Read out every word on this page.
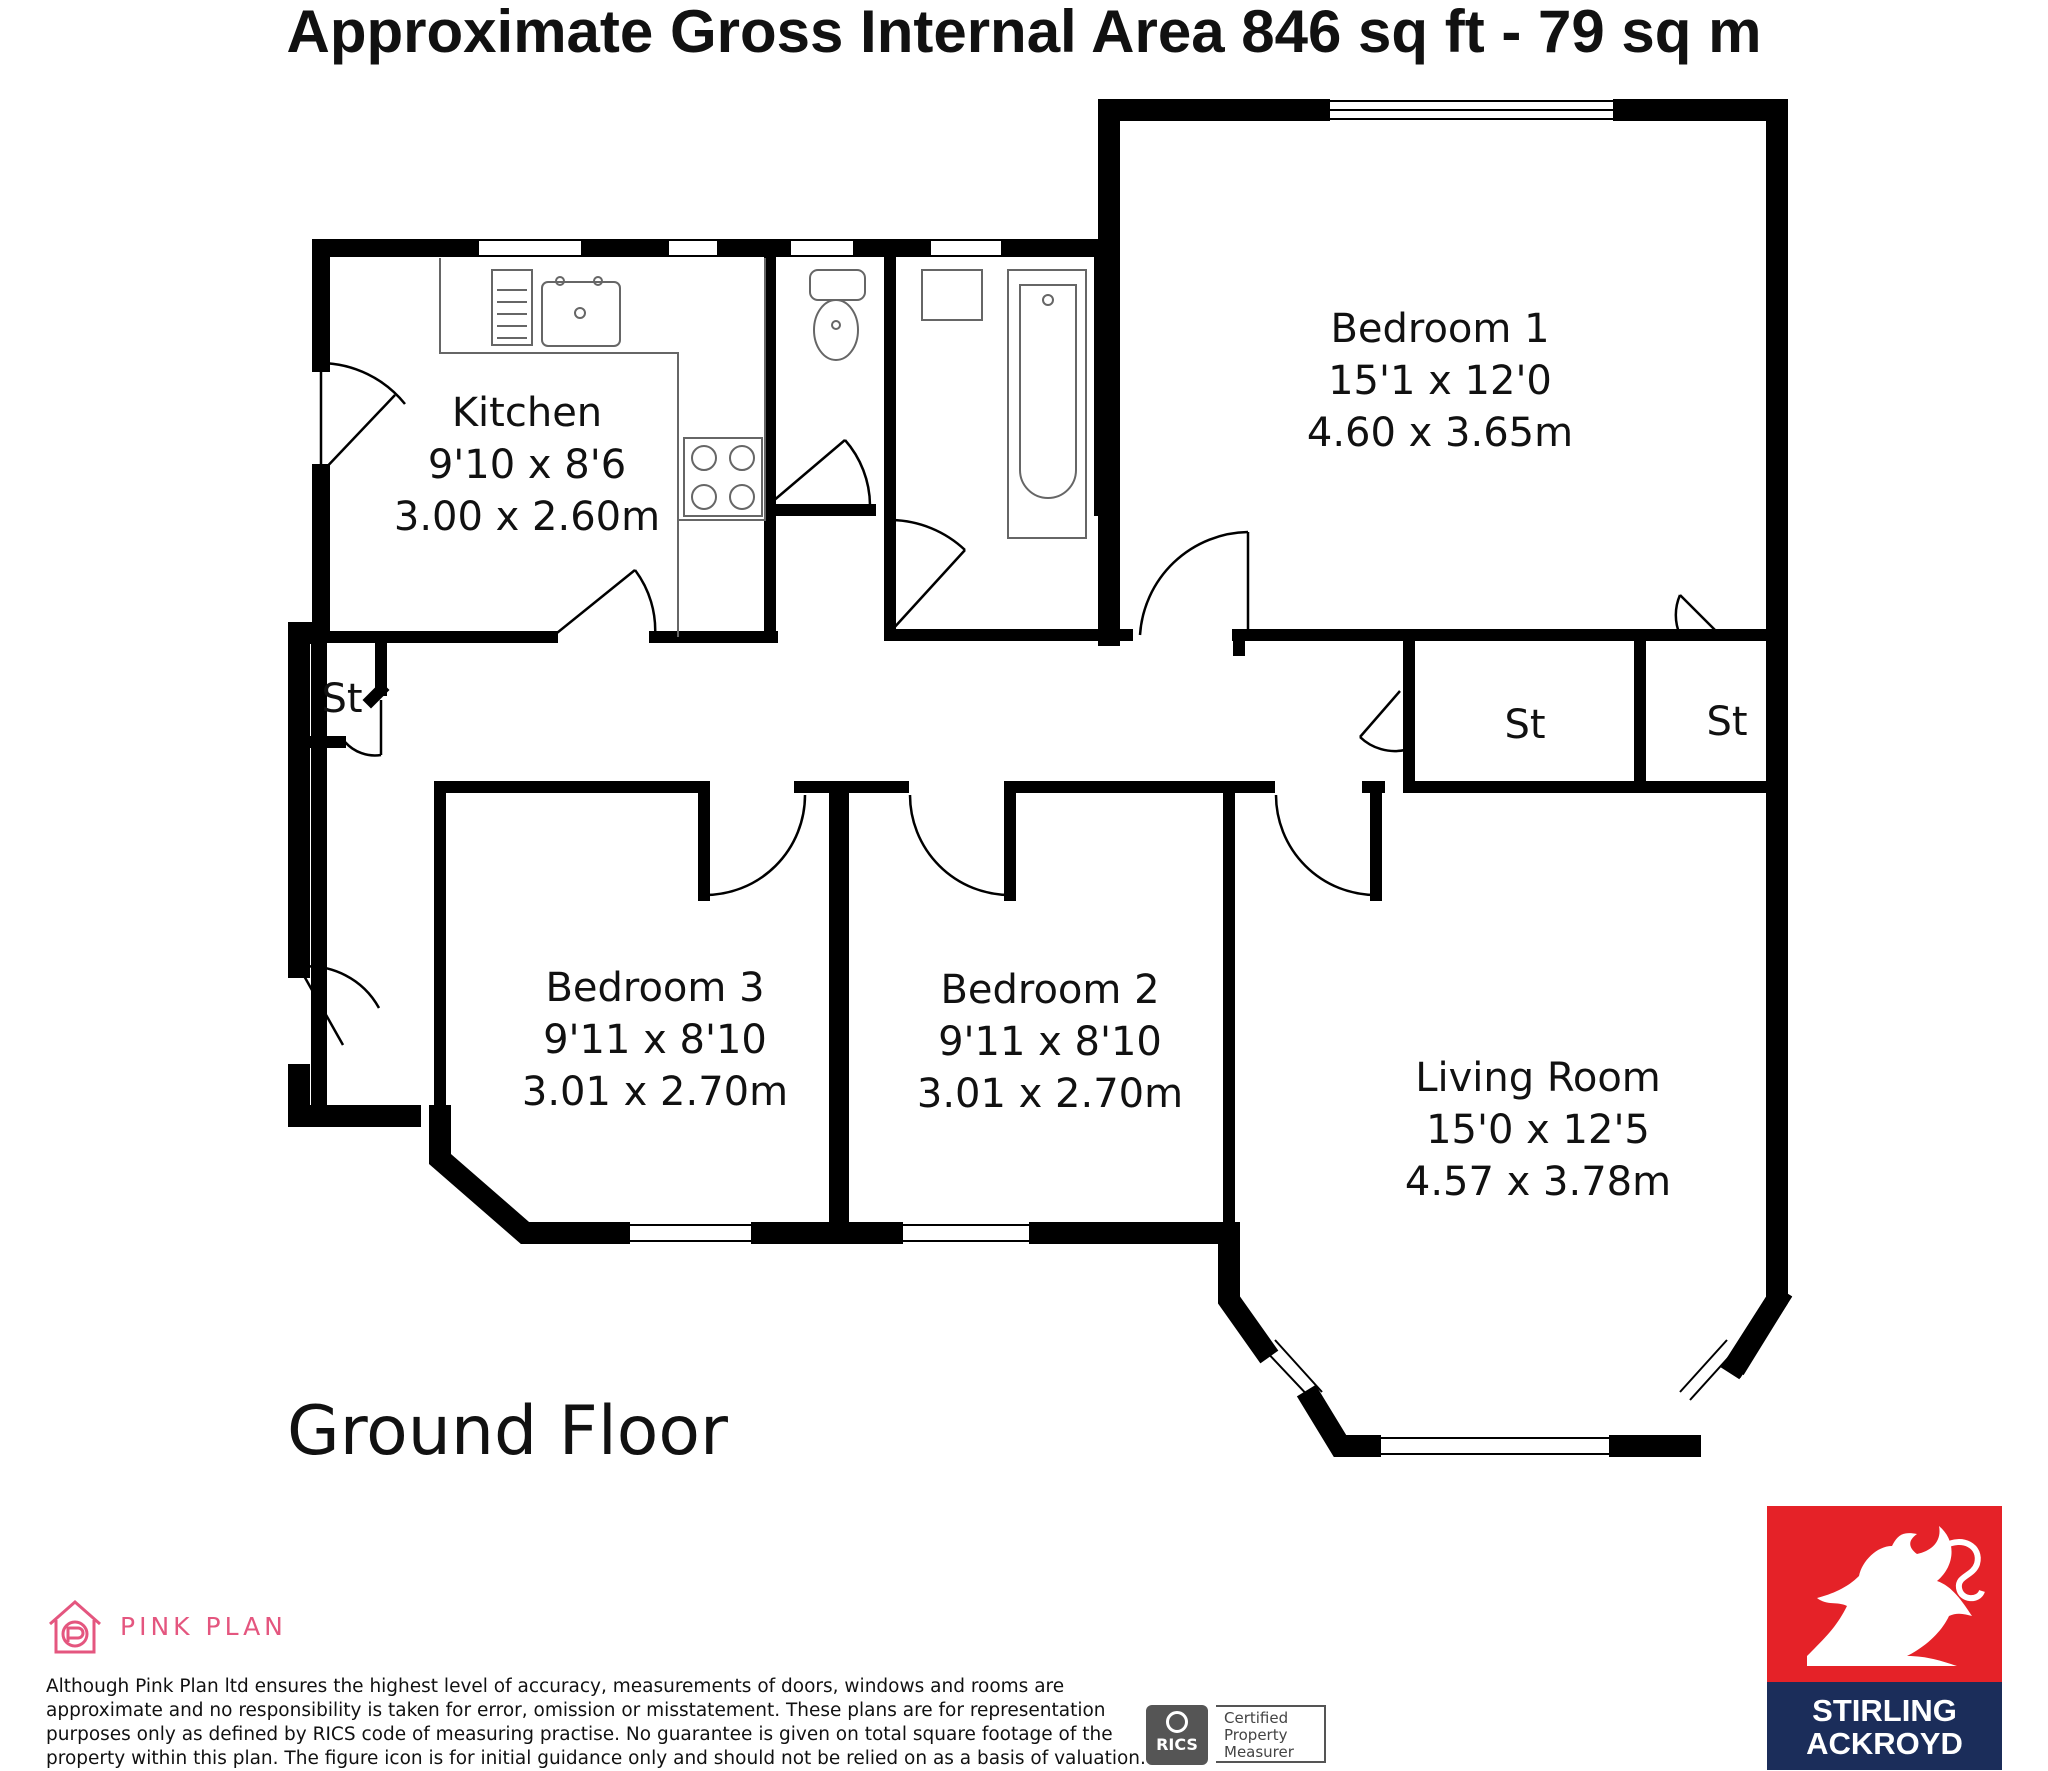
Approximate Gross Internal Area 846 sq ft - 79 sq m
Kitchen
9'10 x 8'6
3.00 x 2.60m
Bedroom 1
15'1 x 12'0
4.60 x 3.65m
Bedroom 3
9'11 x 8'10
3.01 x 2.70m
Bedroom 2
9'11 x 8'10
3.01 x 2.70m	Living Room
15'0 x 12'5
4.57 x 3.78m
St
St	St
Ground Floor
PINK PLAN
Although Pink Plan ltd ensures the highest level of accuracy, measurements of doors, windows and rooms are
approximate and no responsibility is taken for error, omission or misstatement. These plans are for representation
purposes only as defined by RICS code of measuring practise. No guarantee is given on total square footage of the
property within this plan. The figure icon is for initial guidance only and should not be relied on as a basis of valuation.
RICS
Certified
Property
Measurer
STIRLING
ACKROYD
